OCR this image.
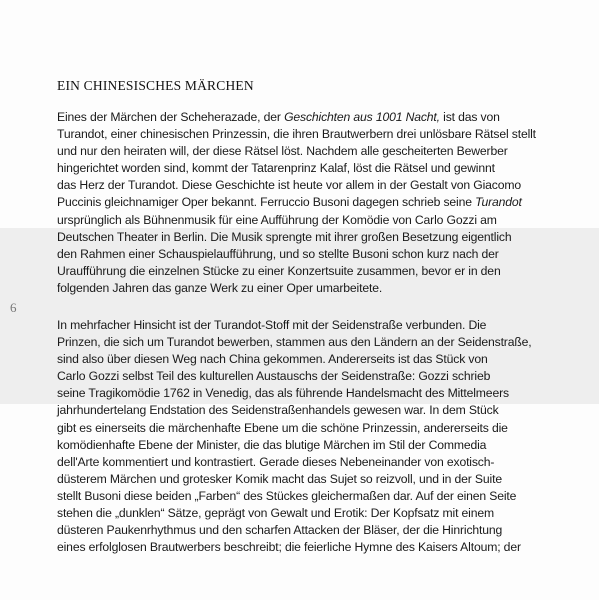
6
EIN CHINESISCHES MÄRCHEN
Eines der Märchen der Scheherazade, der Geschichten aus 1001 Nacht, ist das von
Turandot, einer chinesischen Prinzessin, die ihren Brautwerbern drei unlösbare Rätsel stellt
und nur den heiraten will, der diese Rätsel löst. Nachdem alle gescheiterten Bewerber
hingerichtet worden sind, kommt der Tatarenprinz Kalaf, löst die Rätsel und gewinnt
das Herz der Turandot. Diese Geschichte ist heute vor allem in der Gestalt von Giacomo
Puccinis gleichnamiger Oper bekannt. Ferruccio Busoni dagegen schrieb seine Turandot
ursprünglich als Bühnenmusik für eine Aufführung der Komödie von Carlo Gozzi am
Deutschen Theater in Berlin. Die Musik sprengte mit ihrer großen Besetzung eigentlich
den Rahmen einer Schauspielaufführung, und so stellte Busoni schon kurz nach der
Uraufführung die einzelnen Stücke zu einer Konzertsuite zusammen, bevor er in den
folgenden Jahren das ganze Werk zu einer Oper umarbeitete.
In mehrfacher Hinsicht ist der Turandot-Stoff mit der Seidenstraße verbunden. Die
Prinzen, die sich um Turandot bewerben, stammen aus den Ländern an der Seidenstraße,
sind also über diesen Weg nach China gekommen. Andererseits ist das Stück von
Carlo Gozzi selbst Teil des kulturellen Austauschs der Seidenstraße: Gozzi schrieb
seine Tragikomödie 1762 in Venedig, das als führende Handelsmacht des Mittelmeers
jahrhundertelang Endstation des Seidenstraßenhandels gewesen war. In dem Stück
gibt es einerseits die märchenhafte Ebene um die schöne Prinzessin, andererseits die
komödienhafte Ebene der Minister, die das blutige Märchen im Stil der Commedia
dell'Arte kommentiert und kontrastiert. Gerade dieses Nebeneinander von exotisch-
düsterem Märchen und grotesker Komik macht das Sujet so reizvoll, und in der Suite
stellt Busoni diese beiden „Farben“ des Stückes gleichermaßen dar. Auf der einen Seite
stehen die „dunklen“ Sätze, geprägt von Gewalt und Erotik: Der Kopfsatz mit einem
düsteren Paukenrhythmus und den scharfen Attacken der Bläser, der die Hinrichtung
eines erfolglosen Brautwerbers beschreibt; die feierliche Hymne des Kaisers Altoum; der
